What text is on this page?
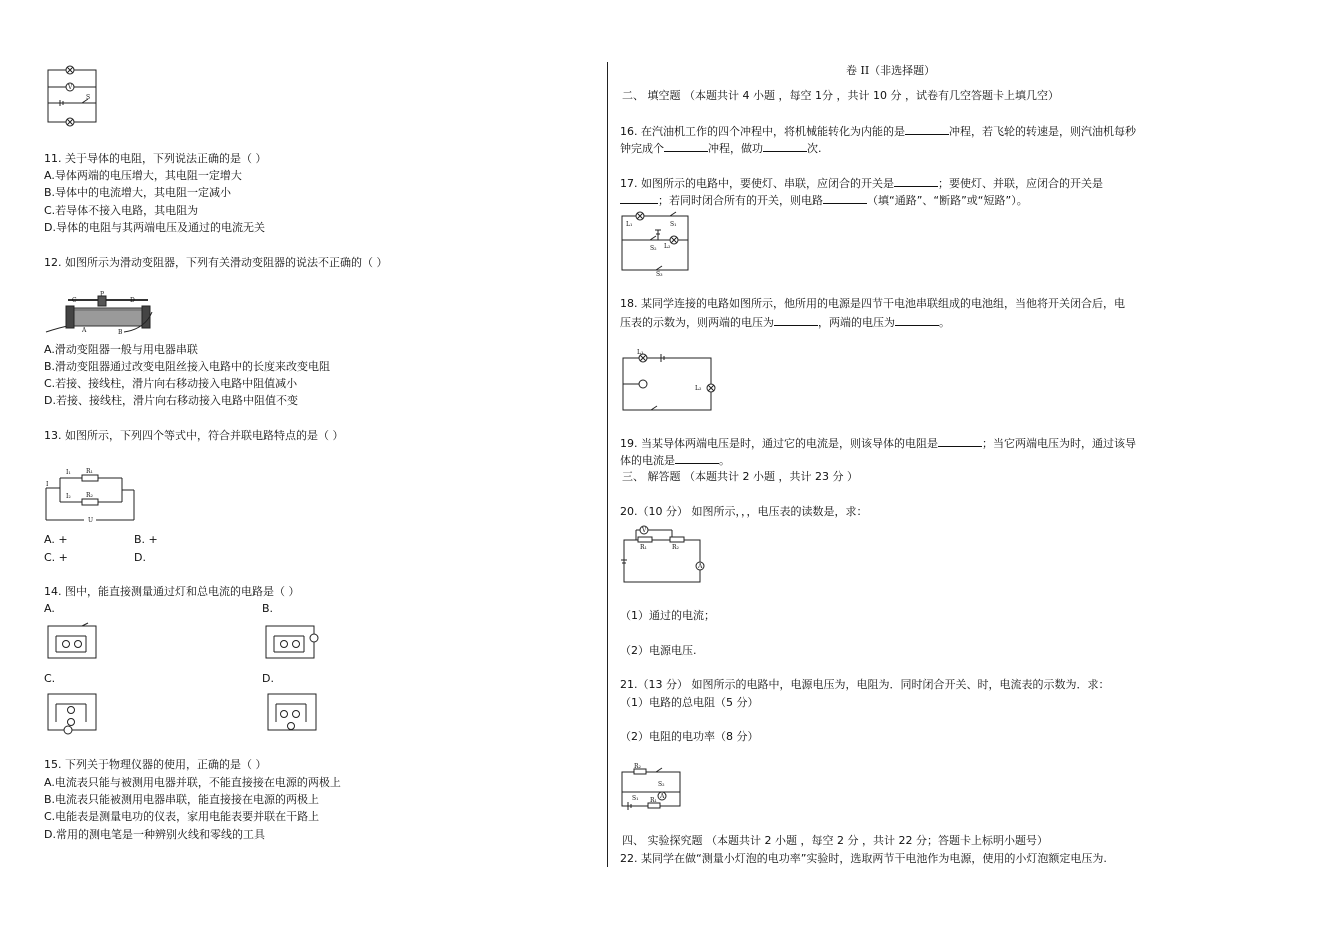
V
S
11. 关于导体的电阻，下列说法正确的是（ ）
A.导体两端的电压增大，其电阻一定增大
B.导体中的电流增大，其电阻一定减小
C.若导体不接入电路，其电阻为
D.导体的电阻与其两端电压及通过的电流无关
12. 如图所示为滑动变阻器，下列有关滑动变阻器的说法不正确的（ ）
C
P
D
A	B
A.滑动变阻器一般与用电器串联
B.滑动变阻器通过改变电阻丝接入电路中的长度来改变电阻
C.若接、接线柱，滑片向右移动接入电路中阻值减小
D.若接、接线柱，滑片向右移动接入电路中阻值不变
13. 如图所示，下列四个等式中，符合并联电路特点的是（ ）
I
I₁	R₁
I₂	R₂
U
A. +	B. +
C. +	D.
14. 图中，能直接测量通过灯和总电流的电路是（ ）
A.	B.
C.	D.
15. 下列关于物理仪器的使用，正确的是（ ）
A.电流表只能与被测用电器并联，不能直接接在电源的两极上
B.电流表只能被测用电器串联，能直接接在电源的两极上
C.电能表是测量电功的仪表，家用电能表要并联在干路上
D.常用的测电笔是一种辨别火线和零线的工具
卷 II（非选择题）
二、 填空题 （本题共计 4 小题 ，每空 1分 ，共计 10 分 ，试卷有几空答题卡上填几空）
16. 在汽油机工作的四个冲程中，将机械能转化为内能的是	冲程，若飞轮的转速是，则汽油机每秒
钟完成个	冲程，做功	次.
17. 如图所示的电路中，要使灯、串联，应闭合的开关是	；要使灯、并联，应闭合的开关是
；若同时闭合所有的开关，则电路	（填“通路”、“断路”或“短路”）。
L₁	S₁
S₂ L₂
S₃
18. 某同学连接的电路如图所示，他所用的电源是四节干电池串联组成的电池组，当他将开关闭合后，电
压表的示数为，则两端的电压为	，两端的电压为	。
L₁
L₂
19. 当某导体两端电压是时，通过它的电流是，则该导体的电阻是	；当它两端电压为时，通过该导
体的电流是	。
三、 解答题 （本题共计 2 小题 ，共计 23 分 ）
20.（10 分） 如图所示，，，电压表的读数是，求：
V
A
R₁	R₂
（1）通过的电流；
（2）电源电压.
21.（13 分） 如图所示的电路中，电源电压为，电阻为．同时闭合开关、时，电流表的示数为．求：
（1）电路的总电阻（5 分）
（2）电阻的电功率（8 分）
A
R₂
S₂
S₁ R₁
四、 实验探究题 （本题共计 2 小题 ，每空 2 分 ，共计 22 分；答题卡上标明小题号）
22. 某同学在做“测量小灯泡的电功率”实验时，选取两节干电池作为电源，使用的小灯泡额定电压为.
